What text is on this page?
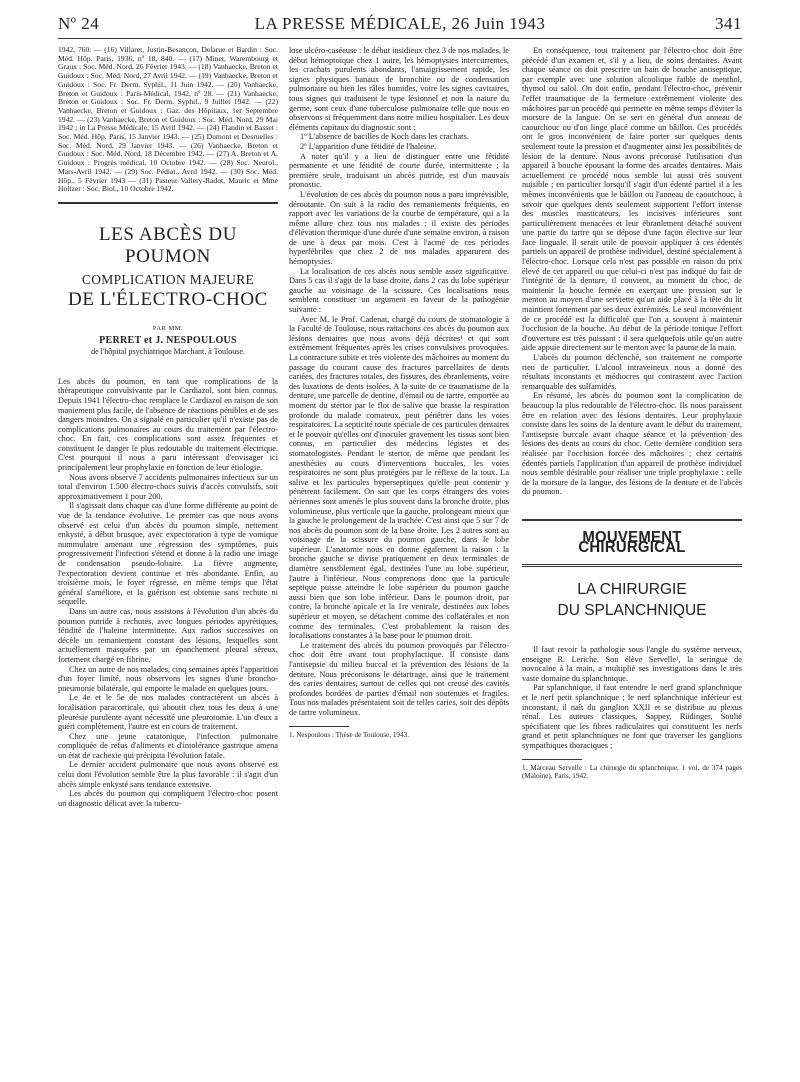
Nº 24	LA PRESSE MÉDICALE, 26 Juin 1943	341

1942, 760. — (16) Villaret, Justin-Besançon, Delarue et Bardin : Soc. Méd. Hôp. Paris, 1936, nº 18, 840. — (17) Minet, Warembourg et Graux : Soc. Méd. Nord, 26 Février 1943. — (18) Vanhaecke, Breton et Guidoux : Soc. Méd. Nord, 27 Avril 1942. — (19) Vanhaecke, Breton et Guidoux : Soc. Fr. Derm. Syphil., 11 Juin 1942. — (20) Vanhaecke, Breton et Guidoux : Paris-Médical, 1942, nº 28. — (21) Vanhaecke, Breton et Guidoux : Soc. Fr. Derm. Syphil., 9 Juillet 1942. — (22) Vanhaecke, Breton et Guidoux : Gaz. des Hôpitaux, 1er Septembre 1942. — (23) Vanhaecke, Breton et Guidoux : Soc. Méd. Nord, 29 Mai 1942 ; in La Presse Médicale, 15 Avril 1942. — (24) Flandin et Basset : Soc. Méd. Hôp. Paris, 15 Janvier 1943. — (25) Dumont et Desruelles : Soc. Méd. Nord, 29 Janvier 1943. — (26) Vanhaecke, Breton et Guidoux : Soc. Méd. Nord, 18 Décembre 1942. — (27) A. Breton et A. Guidoux : Progrès médical, 10 Octobre 1942. — (28) Soc. Neurol., Mars-Avril 1942. — (29) Soc. Pédiat., Avril 1942. — (30) Soc. Méd. Hôp., 5 Février 1943 — (31) Pasteur Vallery-Radot, Mauric et Mme Holtzer : Soc. Biol., 10 Octobre 1942.

LES ABCÈS DU POUMON
COMPLICATION MAJEURE
DE L'ÉLECTRO-CHOC
PAR MM.
PERRET et J. NESPOULOUS
de l'hôpital psychiatrique Marchant, à Toulouse.

Les abcès du poumon, en tant que complications de la thérapeutique convulsivante par le Cardiazol, sont bien connus. Depuis 1941 l'électro-choc remplace le Cardiazol en raison de son maniement plus facile, de l'absence de réactions pénibles et de ses dangers moindres. On a signalé en particulier qu'il n'existe pas de complications pulmonaires au cours du traitement par l'électro-choc. En fait, ces complications sont assez fréquentes et constituent le danger le plus redoutable du traitement électrique. C'est pourquoi il nous a paru intéressant d'envisager ici principalement leur prophylaxie en fonction de leur étiologie.

Nous avons observé 7 accidents pulmonaires infectieux sur un total d'environ 1.500 électro-chocs suivis d'accès convulsifs, soit approximativement 1 pour 200.

Il s'agissait dans chaque cas d'une forme différente au point de vue de la tendance évolutive. Le premier cas que nous avons observé est celui d'un abcès du poumon simple, nettement enkysté, à début brusque, avec expectoration à type de vomique nummulaire amenant une régression des symptômes, puis progressivement l'infection s'étend et donne à la radio une image de condensation pseudo-lobaire. La fièvre augmente, l'expectoration devient continue et très abondante. Enfin, au troisième mois, le foyer régresse, en même temps que l'état général s'améliore, et la guérison est obtenue sans rechute ni séquelle.

Dans un autre cas, nous assistons à l'évolution d'un abcès du poumon putride à rechutes, avec longues périodes apyrétiques, fétidité de l'haleine intermittente. Aux radios successives on décèle un remaniement constant des lésions, lesquelles sont actuellement masquées par un épanchement pleural séreux, fortement chargé en fibrine.

Chez un autre de nos malades, cinq semaines après l'apparition d'un foyer limité, nous observons les signes d'une broncho-pneumonie bilatérale, qui emporte le malade en quelques jours.

Le 4e et le 5e de nos malades contractèrent un abcès à localisation paracorticale, qui aboutit chez tous les deux à une pleurésie purulente ayant nécessité une pleurotomie. L'un d'eux a guéri complètement, l'autre est en cours de traitement.

Chez une jeune catatonique, l'infection pulmonaire compliquée de refus d'aliments et d'intolérance gastrique amena un état de cachexie qui précipita l'évolution fatale.

Le dernier accident pulmonaire que nous avons observé est celui dont l'évolution semble être la plus favorable : il s'agit d'un abcès simple enkysté sans tendance extensive.

Les abcès du poumon qui compliquent l'électro-choc posent un diagnostic délicat avec la tubercu-

lose ulcéro-caséeuse : le début insidieux chez 3 de nos malades, le début hémoptoïque chez 1 autre, les hémoptysies intercurrentes, les crachats purulents abondants, l'amaigrissement rapide, les signes physiques banaux de bronchite ou de condensation pulmonaire ou bien les râles humides, voire les signes cavitaires, tous signes qui traduisent le type lésionnel et non la nature du germe, sont ceux d'une tuberculose pulmonaire telle que nous en observons si fréquemment dans notre milieu hospitalier. Les deux éléments capitaux du diagnostic sont :

1º L'absence de bacilles de Koch dans les crachats.

2º L'apparition d'une fétidité de l'haleine.

A noter qu'il y a lieu de distinguer entre une fétidité permanente et une fétidité de courte durée, intermittente ; la première seule, traduisant un abcès putride, est d'un mauvais pronostic.

L'évolution de ces abcès du poumon nous a paru imprévisible, déroutante. On suit à la radio des remaniements fréquents, en rapport avec les variations de la courbe de température, qui a la même allure chez tous nos malades : il existe des périodes d'élévation thermique d'une durée d'une semaine environ, à raison de une à deux par mois. C'est à l'acmé de ces périodes hyperfébriles que chez 2 de nos malades apparurent des hémoptysies.

La localisation de ces abcès nous semble assez significative. Dans 5 cas il s'agit de la base droite, dans 2 cas du lobe supérieur gauche au voisinage de la scissure. Ces localisations nous semblent constituer un argument en faveur de la pathogénie suivante :

Avec M. le Prof. Cadenat, chargé du cours de stomatologie à la Faculté de Toulouse, nous rattachons ces abcès du poumon aux lésions dentaires que nous avons déjà décrites¹ et qui sont extrêmement fréquentes après les crises convulsives provoquées. La contracture subite et très violente des mâchoires au moment du passage du courant cause des fractures parcellaires de dents cariées, des fractures totales, des fissures, des ébranlements, voire des luxations de dents isolées. A la suite de ce traumatisme de la denture, une parcelle de dentine, d'émail ou de tartre, emportée au moment du stertor par le flot de salive que brasse la respiration profonde du malade comateux, peut pénétrer dans les voies respiratoires. La septicité toute spéciale de ces particules dentaires et le pouvoir qu'elles ont d'inoculer gravement les tissus sont bien connus, en particulier des médecins légistes et des stomatologistes. Pendant le stertor, de même que pendant les anesthésies au cours d'interventions buccales, les voies respiratoires ne sont plus protégées par le réflexe de la toux. La salive et les particules hyperseptiques qu'elle peut contenir y pénètrent facilement. On sait que les corps étrangers des voies aériennes sont amenés le plus souvent dans la bronche droite, plus volumineuse, plus verticale que la gauche, prolongeant mieux que la gauche le prolongement de la trachée. C'est ainsi que 5 sur 7 de nos abcès du poumon sont de la base droite. Les 2 autres sont au voisinage de la scissure du poumon gauche, dans le lobe supérieur. L'anatomie nous en donne également la raison : la bronche gauche se divise pratiquement en deux terminales de diamètre sensiblement égal, destinées l'une au lobe supérieur, l'autre à l'inférieur. Nous comprenons donc que la particule septique puisse atteindre le lobe supérieur du poumon gauche aussi bien que son lobe inférieur. Dans le poumon droit, par contre, la bronche apicale et la 1re ventrale, destinées aux lobes supérieur et moyen, se détachent comme des collatérales et non comme des terminales. C'est probablement la raison des localisations constantes à la base pour le poumon droit.

Le traitement des abcès du poumon provoqués par l'électro-choc doit être avant tout prophylactique. Il consiste dans l'antisepsie du milieu buccal et la prévention des lésions de la denture. Nous préconisons le détartrage, ainsi que le traitement des caries dentaires, surtout de celles qui ont creusé des cavités profondes bordées de parties d'émail non soutenues et fragiles. Tous nos malades présentaient soit de telles caries, soit des dépôts de tartre volumineux.

1. Nespoulous : Thèse de Toulouse, 1943.

En conséquence, tout traitement par l'électro-choc doit être précédé d'un examen et, s'il y a lieu, de soins dentaires. Avant chaque séance on doit prescrire un bain de bouche antiseptique, par exemple avec une solution alcoolique faible de menthol, thymol ou salol. On doit enfin, pendant l'électro-choc, prévenir l'effet traumatique de la fermeture extrêmement violente des mâchoires par un procédé qui permette en même temps d'éviter la morsure de la langue. On se sert en général d'un anneau de caoutchouc ou d'un linge placé comme un bâillon. Ces procédés ont le gros inconvénient de faire porter sur quelques dents seulement toute la pression et d'augmenter ainsi les possibilités de lésion de la denture. Nous avons préconisé l'utilisation d'un appareil à bouche épousant la forme des arcades dentaires. Mais actuellement ce procédé nous semble lui aussi très souvent nuisible ; en particulier lorsqu'il s'agit d'un édenté partiel il a les mêmes inconvénients que le bâillon ou l'anneau de caoutchouc, à savoir que quelques dents seulement supportent l'effort intense des muscles masticateurs, les incisives inférieures sont particulièrement menacées et leur ébranlement détaché souvent une partie du tartre qui se dépose d'une façon élective sur leur face linguale. Il serait utile de pouvoir appliquer à ces édentés partiels un appareil de prothèse individuel, destiné spécialement à l'électro-choc. Lorsque cela n'est pas possible en raison du prix élevé de cet appareil ou que celui-ci n'est pas indiqué du fait de l'intégrité de la denture, il convient, au moment du choc, de maintenir la bouche fermée en exerçant une pression sur le menton au moyen d'une serviette qu'un aide placé à la tête du lit maintient fortement par ses deux extrémités. Le seul inconvénient de ce procédé est la difficulté que l'on a souvent à maintenir l'occlusion de la bouche. Au début de la période tonique l'effort d'ouverture est très puissant : il sera quelquefois utile qu'un autre aide appuie directement sur le menton avec la paume de la main.

L'abcès du poumon déclenché, son traitement ne comporte rien de particulier. L'alcool intraveineux nous a donné des résultats inconstants et médiocres qui contrastent avec l'action remarquable des sulfamidés.

En résumé, les abcès du poumon sont la complication de beaucoup la plus redoutable de l'électro-choc. Ils nous paraissent être en relation avec des lésions dentaires. Leur prophylaxie consiste dans les soins de la denture avant le début du traitement, l'antisepsie buccale avant chaque séance et la prévention des lésions des dents au cours du choc. Cette dernière condition sera réalisée par l'occlusion forcée des mâchoires ; chez certains édentés partiels l'application d'un appareil de prothèse individuel nous semble désirable pour réaliser une triple prophylaxie : celle de la morsure de la langue, des lésions de la denture et de l'abcès du poumon.

MOUVEMENT CHIRURGICAL
LA CHIRURGIE
DU SPLANCHNIQUE

Il faut revoir la pathologie sous l'angle du système nerveux, enseigne R. Leriche. Son élève Servelle¹, la seringue de novocaïne à la main, a multiplié ses investigations dans le très vaste domaine du splanchnique.

Par splanchnique, il faut entendre le nerf grand splanchnique et le nerf petit splanchnique ; le nerf splanchnique inférieur est inconstant, il naît du ganglion XXII et se distribue au plexus rénal. Les auteurs classiques, Sappey, Rüdinger, Soulié spécifiaient que les fibres radiculaires qui constituent les nerfs grand et petit splanchniques ne font que traverser les ganglions sympathiques thoraciques ;

1. Marceau Servelle : La chirurgie du splanchnique, 1 vol. de 374 pages (Maloine), Paris, 1942.
